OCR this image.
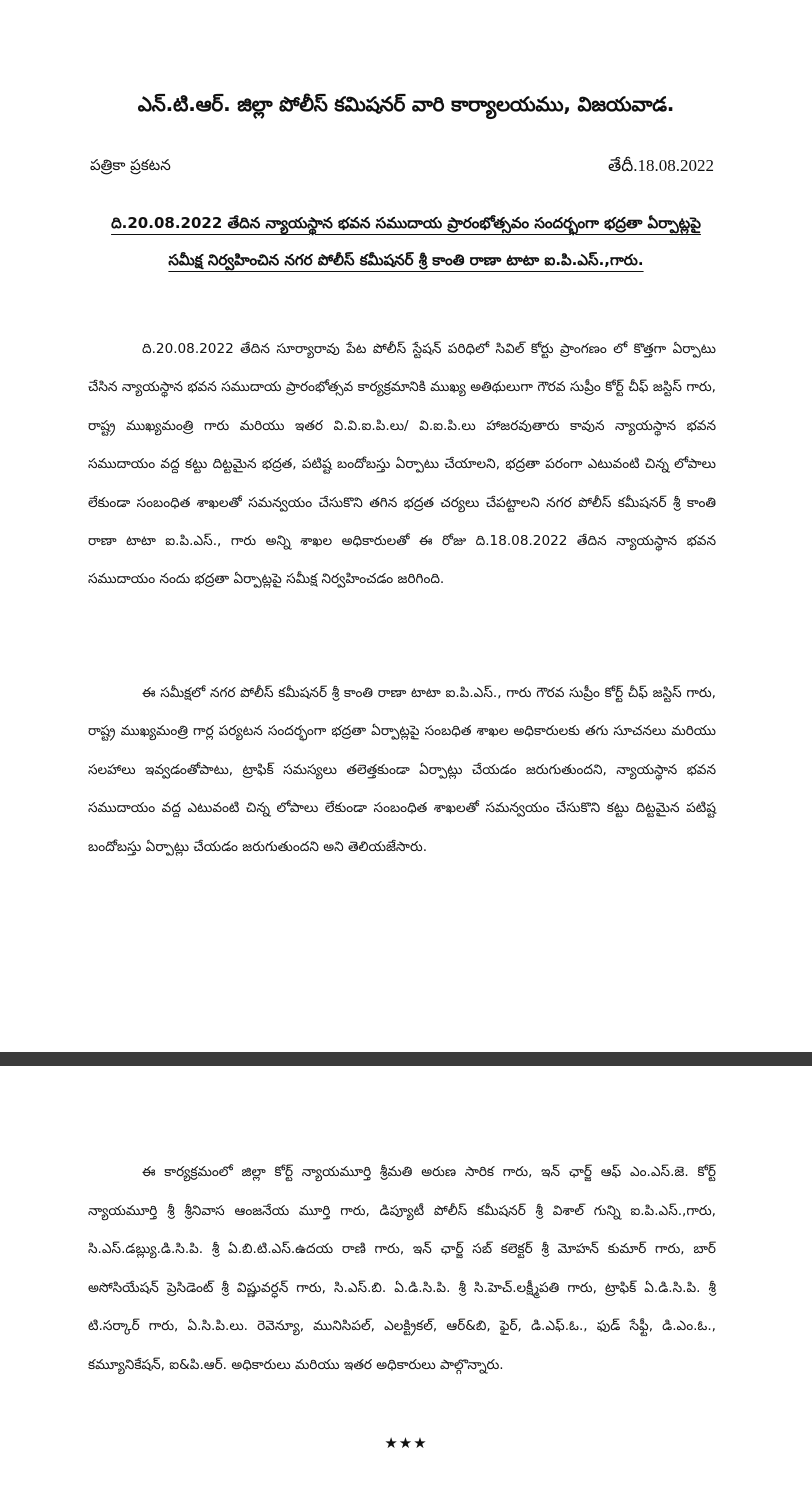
ఎన్.టి.ఆర్. జిల్లా పోలీస్ కమిషనర్ వారి కార్యాలయము, విజయవాడ.
పత్రికా ప్రకటన	తేదీ.18.08.2022
ది.20.08.2022 తేదిన న్యాయస్థాన భవన సముదాయ ప్రారంభోత్సవం సందర్భంగా భద్రతా ఏర్పాట్లపై
సమీక్ష నిర్వహించిన నగర పోలీస్ కమీషనర్ శ్రీ కాంతి రాణా టాటా ఐ.పి.ఎస్.,గారు.

ది.20.08.2022 తేదిన సూర్యారావు పేట పోలీస్ స్టేషన్ పరిధిలో సివిల్ కోర్టు ప్రాంగణం లో కొత్తగా ఏర్పాటు చేసిన న్యాయస్థాన భవన సముదాయ ప్రారంభోత్సవ కార్యక్రమానికి ముఖ్య అతిథులుగా గౌరవ సుప్రీం కోర్ట్ చీఫ్ జస్టిస్ గారు, రాష్ట్ర ముఖ్యమంత్రి గారు మరియు ఇతర వి.వి.ఐ.పి.లు/ వి.ఐ.పి.లు హాజరవుతారు కావున న్యాయస్థాన భవన సముదాయం వద్ద కట్టు దిట్టమైన భద్రత, పటిష్ట బందోబస్తు ఏర్పాటు చేయాలని, భద్రతా పరంగా ఎటువంటి చిన్న లోపాలు లేకుండా సంబంధిత శాఖలతో సమన్వయం చేసుకొని తగిన భద్రత చర్యలు చేపట్టాలని నగర పోలీస్ కమీషనర్ శ్రీ కాంతి రాణా టాటా ఐ.పి.ఎస్., గారు అన్ని శాఖల అధికారులతో ఈ రోజు ది.18.08.2022 తేదిన న్యాయస్థాన భవన సముదాయం నందు భద్రతా ఏర్పాట్లపై సమీక్ష నిర్వహించడం జరిగింది.

ఈ సమీక్షలో నగర పోలీస్ కమీషనర్ శ్రీ కాంతి రాణా టాటా ఐ.పి.ఎస్., గారు గౌరవ సుప్రీం కోర్ట్ చీఫ్ జస్టిస్ గారు, రాష్ట్ర ముఖ్యమంత్రి గార్ల పర్యటన సందర్భంగా భద్రతా ఏర్పాట్లపై సంబధిత శాఖల అధికారులకు తగు సూచనలు మరియు సలహాలు ఇవ్వడంతోపాటు, ట్రాఫిక్ సమస్యలు తలెత్తకుండా ఏర్పాట్లు చేయడం జరుగుతుందని, న్యాయస్థాన భవన సముదాయం వద్ద ఎటువంటి చిన్న లోపాలు లేకుండా సంబంధిత శాఖలతో సమన్వయం చేసుకొని కట్టు దిట్టమైన పటిష్ట బందోబస్తు ఏర్పాట్లు చేయడం జరుగుతుందని అని తెలియజేసారు.

ఈ కార్యక్రమంలో జిల్లా కోర్ట్ న్యాయమూర్తి శ్రీమతి అరుణ సారిక గారు, ఇన్ ఛార్జ్ ఆఫ్ ఎం.ఎస్.జె. కోర్ట్ న్యాయమూర్తి శ్రీ శ్రీనివాస ఆంజనేయ మూర్తి గారు, డిప్యూటీ పోలీస్ కమీషనర్ శ్రీ విశాల్ గున్ని ఐ.పి.ఎస్.,గారు, సి.ఎస్.డబ్ల్యు.డి.సి.పి. శ్రీ ఏ.బి.టి.ఎస్.ఉదయ రాణి గారు, ఇన్ ఛార్జ్ సబ్ కలెక్టర్ శ్రీ మోహన్ కుమార్ గారు, బార్ అసోసియేషన్ ప్రెసిడెంట్ శ్రీ విష్ణువర్ధన్ గారు, సి.ఎస్.బి. ఏ.డి.సి.పి. శ్రీ సి.హెచ్.లక్ష్మీపతి గారు, ట్రాఫిక్ ఏ.డి.సి.పి. శ్రీ టి.సర్కార్ గారు, ఏ.సి.పి.లు. రెవెన్యూ, మునిసిపల్, ఎలక్ట్రికల్, ఆర్&బి, ఫైర్, డి.ఎఫ్.ఓ., ఫుడ్ సేఫ్టీ, డి.ఎం.ఓ., కమ్యూనికేషన్, ఐ&పి.ఆర్. అధికారులు మరియు ఇతర అధికారులు పాల్గొన్నారు.

★★★
